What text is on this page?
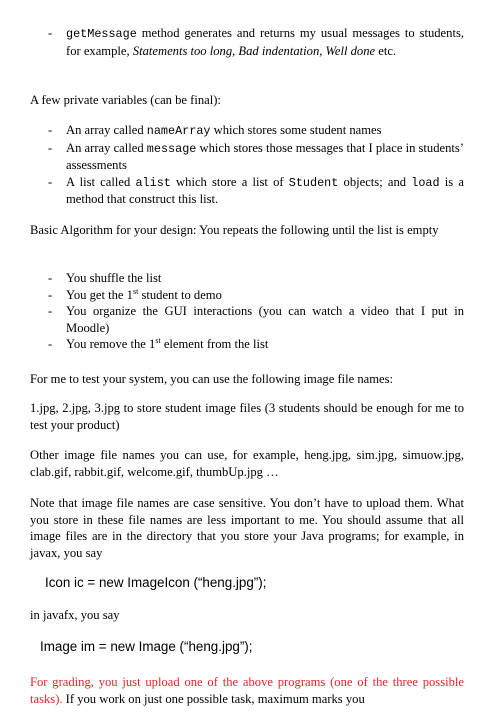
- getMessage method generates and returns my usual messages to students, for example, Statements too long, Bad indentation, Well done etc.

A few private variables (can be final):

- An array called nameArray which stores some student names
- An array called message which stores those messages that I place in students’ assessments
- A list called alist which store a list of Student objects; and load is a method that construct this list.

Basic Algorithm for your design: You repeats the following until the list is empty

- You shuffle the list
- You get the 1st student to demo
- You organize the GUI interactions (you can watch a video that I put in Moodle)
- You remove the 1st element from the list

For me to test your system, you can use the following image file names:

1.jpg, 2.jpg, 3.jpg to store student image files (3 students should be enough for me to test your product)

Other image file names you can use, for example, heng.jpg, sim.jpg, simuow.jpg, clab.gif, rabbit.gif, welcome.gif, thumbUp.jpg …

Note that image file names are case sensitive. You don’t have to upload them. What you store in these file names are less important to me. You should assume that all image files are in the directory that you store your Java programs; for example, in javax, you say

Icon ic = new ImageIcon (“heng.jpg”);

in javafx, you say

Image im = new Image (“heng.jpg”);

For grading, you just upload one of the above programs (one of the three possible tasks). If you work on just one possible task, maximum marks you
